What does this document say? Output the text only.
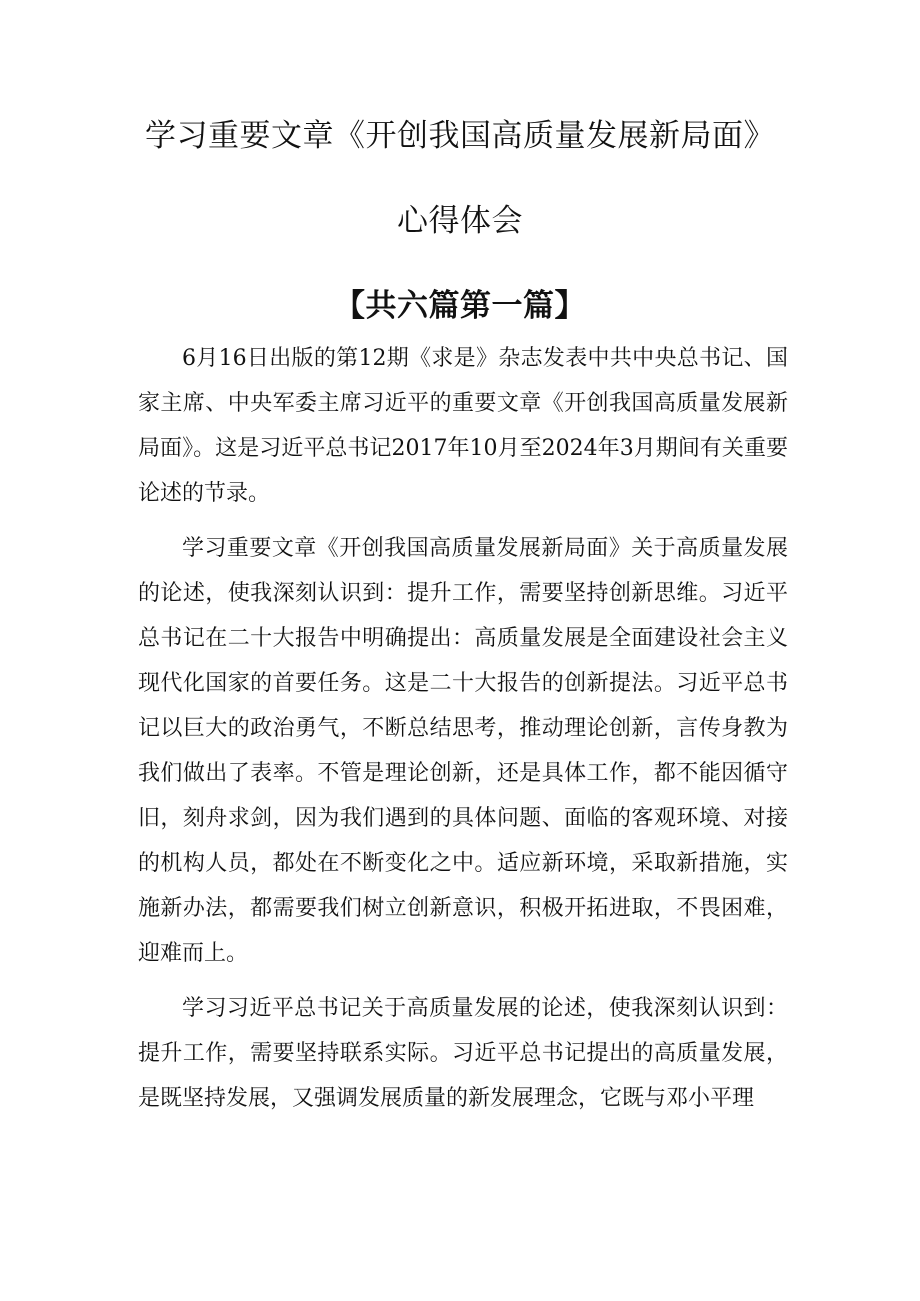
学习重要文章《开创我国高质量发展新局面》
心得体会
【共六篇第一篇】

6月16日出版的第12期《求是》杂志发表中共中央总书记、国家主席、中央军委主席习近平的重要文章《开创我国高质量发展新局面》。这是习近平总书记2017年10月至2024年3月期间有关重要论述的节录。

学习重要文章《开创我国高质量发展新局面》关于高质量发展的论述，使我深刻认识到：提升工作，需要坚持创新思维。习近平总书记在二十大报告中明确提出：高质量发展是全面建设社会主义现代化国家的首要任务。这是二十大报告的创新提法。习近平总书记以巨大的政治勇气，不断总结思考，推动理论创新，言传身教为我们做出了表率。不管是理论创新，还是具体工作，都不能因循守旧，刻舟求剑，因为我们遇到的具体问题、面临的客观环境、对接的机构人员，都处在不断变化之中。适应新环境，采取新措施，实施新办法，都需要我们树立创新意识，积极开拓进取，不畏困难，迎难而上。

学习习近平总书记关于高质量发展的论述，使我深刻认识到：提升工作，需要坚持联系实际。习近平总书记提出的高质量发展，是既坚持发展，又强调发展质量的新发展理念，它既与邓小平理
